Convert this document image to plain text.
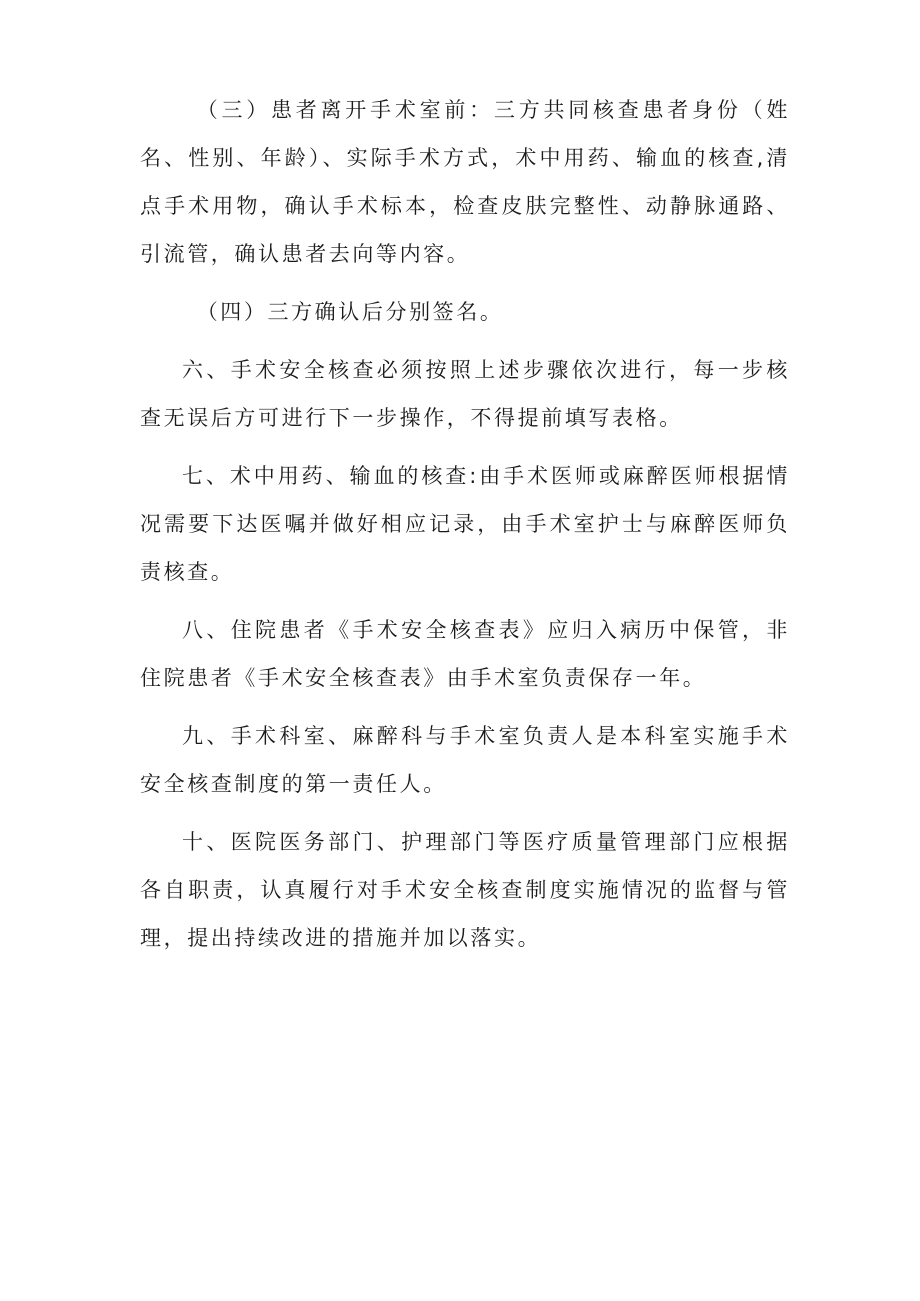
（三）患者离开手术室前：三方共同核查患者身份（姓名、性别、年龄）、实际手术方式，术中用药、输血的核查,清点手术用物，确认手术标本，检查皮肤完整性、动静脉通路、引流管，确认患者去向等内容。

（四）三方确认后分别签名。

六、手术安全核查必须按照上述步骤依次进行，每一步核查无误后方可进行下一步操作，不得提前填写表格。

七、术中用药、输血的核查:由手术医师或麻醉医师根据情况需要下达医嘱并做好相应记录，由手术室护士与麻醉医师负责核查。

八、住院患者《手术安全核查表》应归入病历中保管，非住院患者《手术安全核查表》由手术室负责保存一年。

九、手术科室、麻醉科与手术室负责人是本科室实施手术安全核查制度的第一责任人。

十、医院医务部门、护理部门等医疗质量管理部门应根据各自职责，认真履行对手术安全核查制度实施情况的监督与管理，提出持续改进的措施并加以落实。
